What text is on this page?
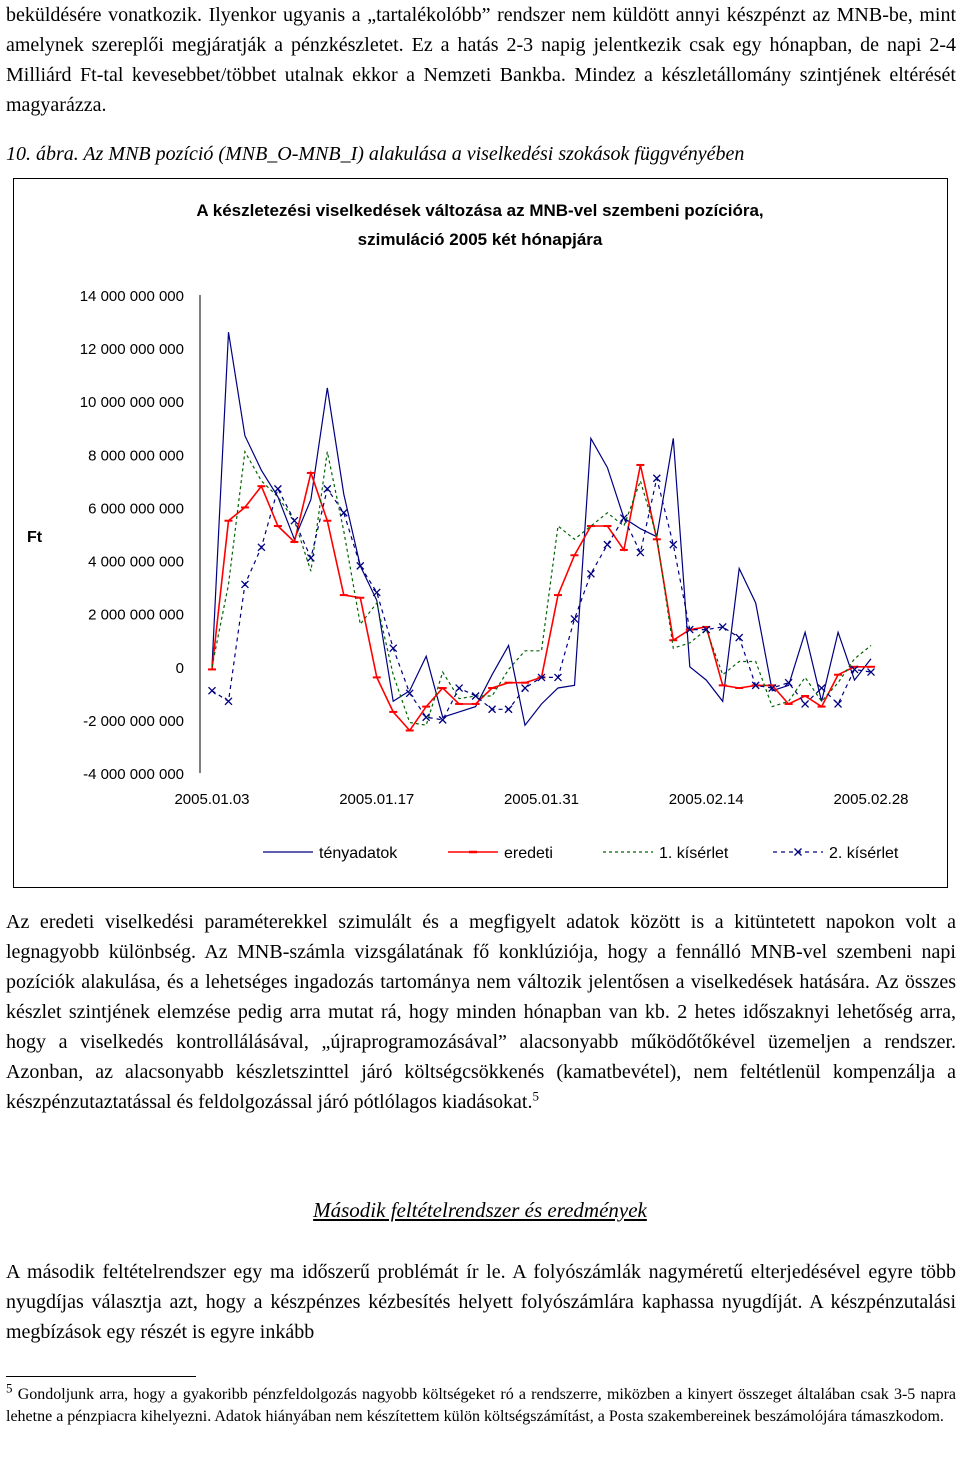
beküldésére vonatkozik. Ilyenkor ugyanis a „tartalékolóbb” rendszer nem küldött annyi készpénzt az MNB-be, mint amelynek szereplői megjáratják a pénzkészletet. Ez a hatás 2-3 napig jelentkezik csak egy hónapban, de napi 2-4 Milliárd Ft-tal kevesebbet/többet utalnak ekkor a Nemzeti Bankba. Mindez a készletállomány szintjének eltérését magyarázza.

10. ábra. Az MNB pozíció (MNB_O-MNB_I) alakulása a viselkedési szokások függvényében

A készletezési viselkedések változása az MNB-vel szembeni pozícióra,
szimuláció 2005 két hónapjára
Ft
14 000 000 000
12 000 000 000
10 000 000 000
8 000 000 000
6 000 000 000
4 000 000 000
2 000 000 000
0
-2 000 000 000
-4 000 000 000
2005.01.03	2005.01.17	2005.01.31	2005.02.14	2005.02.28
tényadatok	eredeti	1. kísérlet	2. kísérlet

Az eredeti viselkedési paraméterekkel szimulált és a megfigyelt adatok között is a kitüntetett napokon volt a legnagyobb különbség. Az MNB-számla vizsgálatának fő konklúziója, hogy a fennálló MNB-vel szembeni napi pozíciók alakulása, és a lehetséges ingadozás tartománya nem változik jelentősen a viselkedések hatására. Az összes készlet szintjének elemzése pedig arra mutat rá, hogy minden hónapban van kb. 2 hetes időszaknyi lehetőség arra, hogy a viselkedés kontrollálásával, „újraprogramozásával” alacsonyabb működőtőkével üzemeljen a rendszer. Azonban, az alacsonyabb készletszinttel járó költségcsökkenés (kamatbevétel), nem feltétlenül kompenzálja a készpénzutaztatással és feldolgozással járó pótlólagos kiadásokat.$^5$

Második feltételrendszer és eredmények

A második feltételrendszer egy ma időszerű problémát ír le. A folyószámlák nagyméretű elterjedésével egyre több nyugdíjas választja azt, hogy a készpénzes kézbesítés helyett folyószámlára kaphassa nyugdíját. A készpénzutalási megbízások egy részét is egyre inkább

$^5$ Gondoljunk arra, hogy a gyakoribb pénzfeldolgozás nagyobb költségeket ró a rendszerre, miközben a kinyert összeget általában csak 3-5 napra lehetne a pénzpiacra kihelyezni. Adatok hiányában nem készítettem külön költségszámítást, a Posta szakembereinek beszámolójára támaszkodom.
